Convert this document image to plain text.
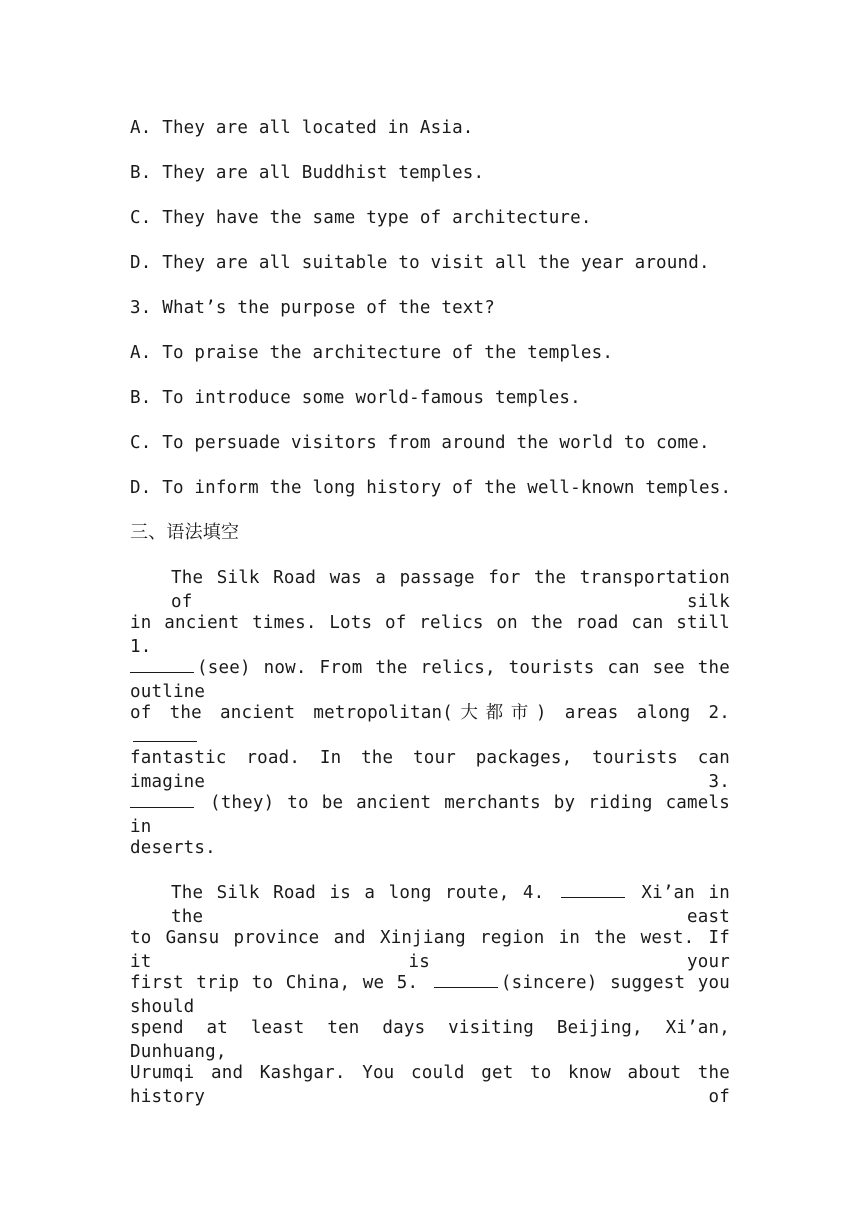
A. They are all located in Asia.
B. They are all Buddhist temples.
C. They have the same type of architecture.
D. They are all suitable to visit all the year around.
3. What’s the purpose of the text?
A. To praise the architecture of the temples.
B. To introduce some world-famous temples.
C. To persuade visitors from around the world to come.
D. To inform the long history of the well-known temples.
三、语法填空
The Silk Road was a passage for the transportation of silk
in ancient times. Lots of relics on the road can still 1.
(see) now. From the relics, tourists can see the outline
of the ancient metropolitan(大都市) areas along 2.
fantastic road. In the tour packages, tourists can imagine 3.
(they) to be ancient merchants by riding camels in
deserts.
The Silk Road is a long route, 4.	Xi’an in the east
to Gansu province and Xinjiang region in the west. If it is your
first trip to China, we 5.	(sincere) suggest you should
spend at least ten days visiting Beijing, Xi’an, Dunhuang,
Urumqi and Kashgar. You could get to know about the history of
